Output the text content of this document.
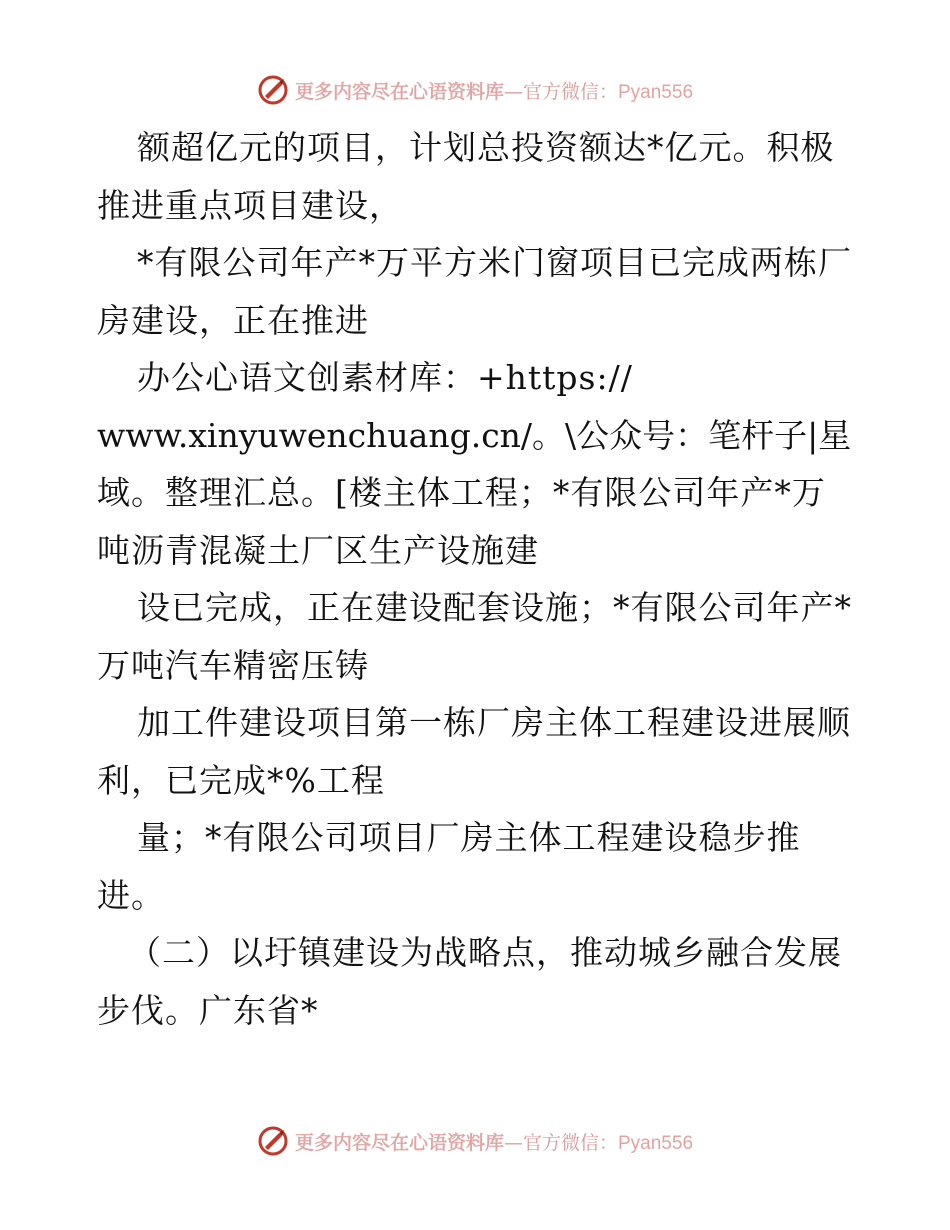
更多内容尽在心语资料库—官方微信：Pyan556
额超亿元的项目，计划总投资额达*亿元。积极
推进重点项目建设，
*有限公司年产*万平方米门窗项目已完成两栋厂
房建设，正在推进
办公心语文创素材库：+https://
www.xinyuwenchuang.cn/。\公众号：笔杆子|星
域。整理汇总。[楼主体工程；*有限公司年产*万
吨沥青混凝土厂区生产设施建
设已完成，正在建设配套设施；*有限公司年产*
万吨汽车精密压铸
加工件建设项目第一栋厂房主体工程建设进展顺
利，已完成*%工程
量；*有限公司项目厂房主体工程建设稳步推
进。
（二）以圩镇建设为战略点，推动城乡融合发展
步伐。广东省*
更多内容尽在心语资料库—官方微信：Pyan556
